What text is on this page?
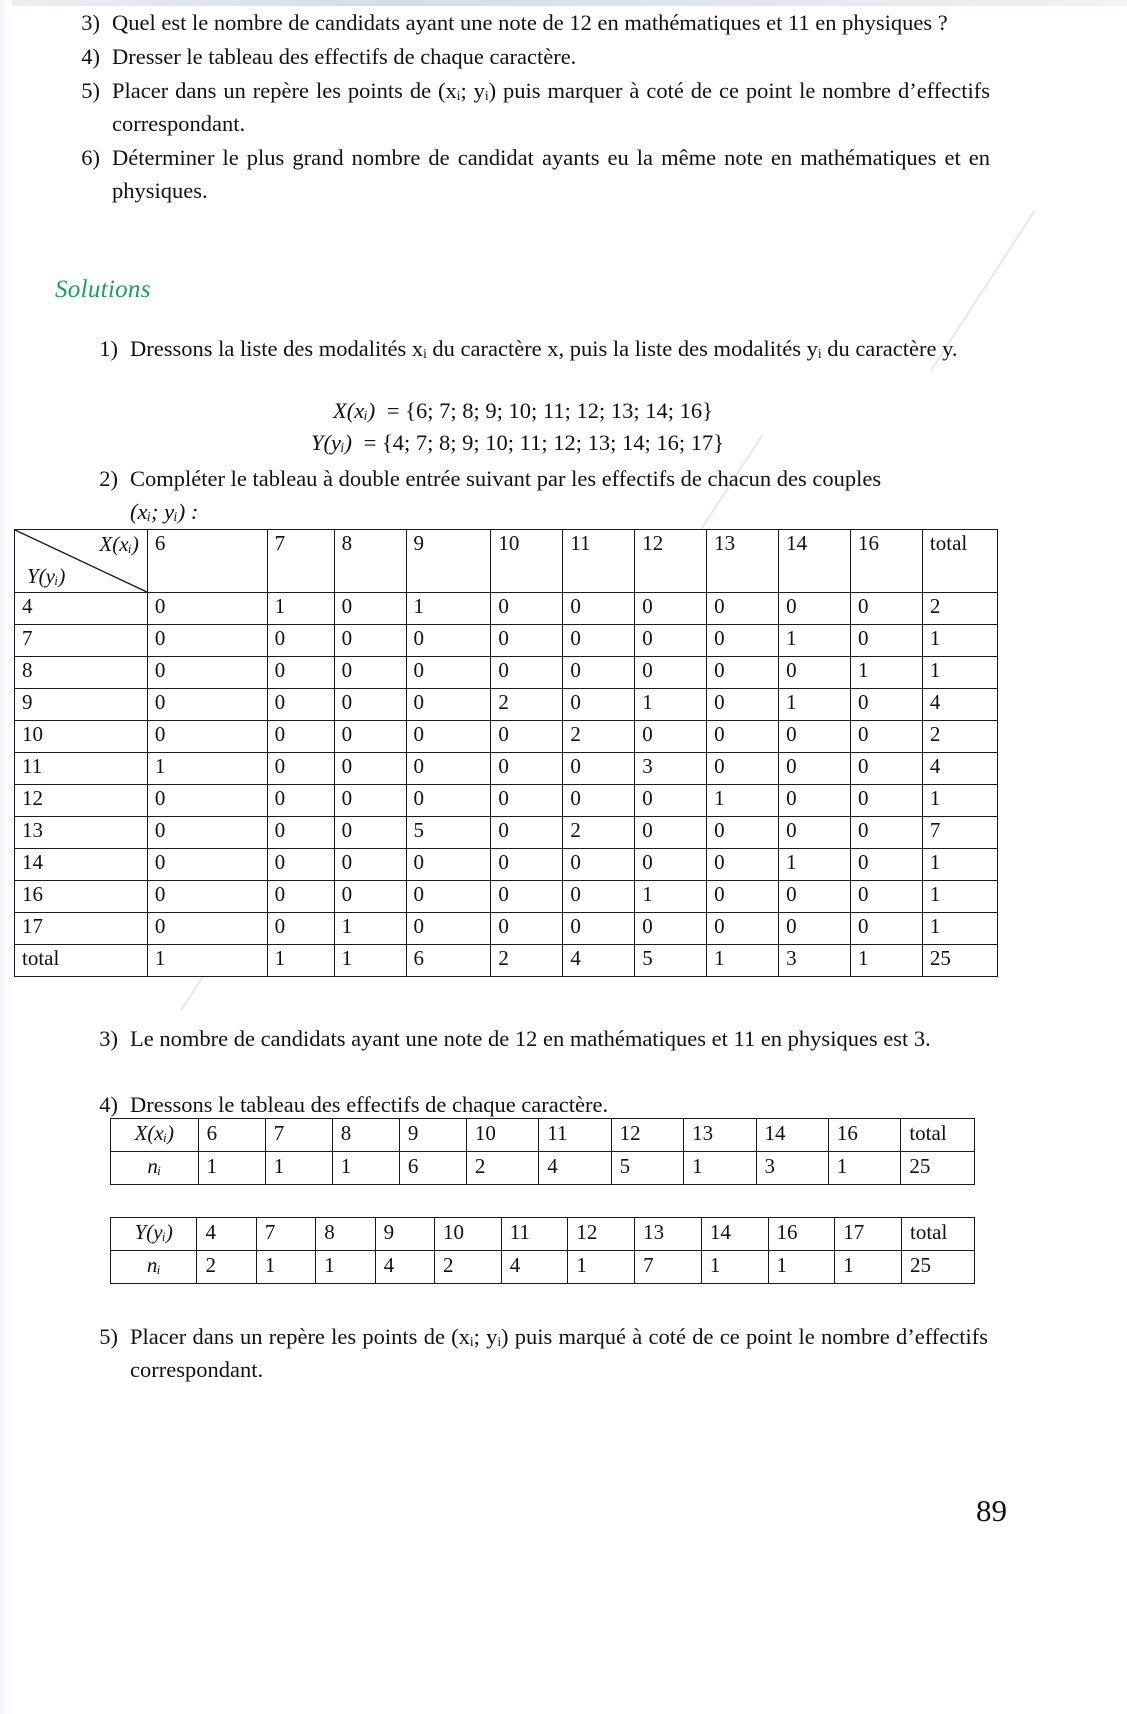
3) Quel est le nombre de candidats ayant une note de 12 en mathématiques et 11 en physiques ?
4) Dresser le tableau des effectifs de chaque caractère.
5) Placer dans un repère les points de (xᵢ; yᵢ) puis marquer à coté de ce point le nombre d’effectifs correspondant.
6) Déterminer le plus grand nombre de candidat ayants eu la même note en mathématiques et en physiques.
Solutions
1) Dressons la liste des modalités xᵢ du caractère x, puis la liste des modalités yᵢ du caractère y.
X(xᵢ) = {6; 7; 8; 9; 10; 11; 12; 13; 14; 16}
Y(yᵢ) = {4; 7; 8; 9; 10; 11; 12; 13; 14; 16; 17}
2) Compléter le tableau à double entrée suivant par les effectifs de chacun des couples
(xᵢ; yᵢ) :
X(xᵢ)
Y(yᵢ)	6	7	8	9	10	11	12	13	14	16	total
4	0	1	0	1	0	0	0	0	0	0	2
7	0	0	0	0	0	0	0	0	1	0	1
8	0	0	0	0	0	0	0	0	0	1	1
9	0	0	0	0	2	0	1	0	1	0	4
10	0	0	0	0	0	2	0	0	0	0	2
11	1	0	0	0	0	0	3	0	0	0	4
12	0	0	0	0	0	0	0	1	0	0	1
13	0	0	0	5	0	2	0	0	0	0	7
14	0	0	0	0	0	0	0	0	1	0	1
16	0	0	0	0	0	0	1	0	0	0	1
17	0	0	1	0	0	0	0	0	0	0	1
total	1	1	1	6	2	4	5	1	3	1	25
3) Le nombre de candidats ayant une note de 12 en mathématiques et 11 en physiques est 3.
4) Dressons le tableau des effectifs de chaque caractère.
X(xᵢ)	6	7	8	9	10	11	12	13	14	16	total
nᵢ	1	1	1	6	2	4	5	1	3	1	25
Y(yᵢ)	4	7	8	9	10	11	12	13	14	16	17	total
nᵢ	2	1	1	4	2	4	1	7	1	1	1	25
5) Placer dans un repère les points de (xᵢ; yᵢ) puis marqué à coté de ce point le nombre d’effectifs correspondant.
89
